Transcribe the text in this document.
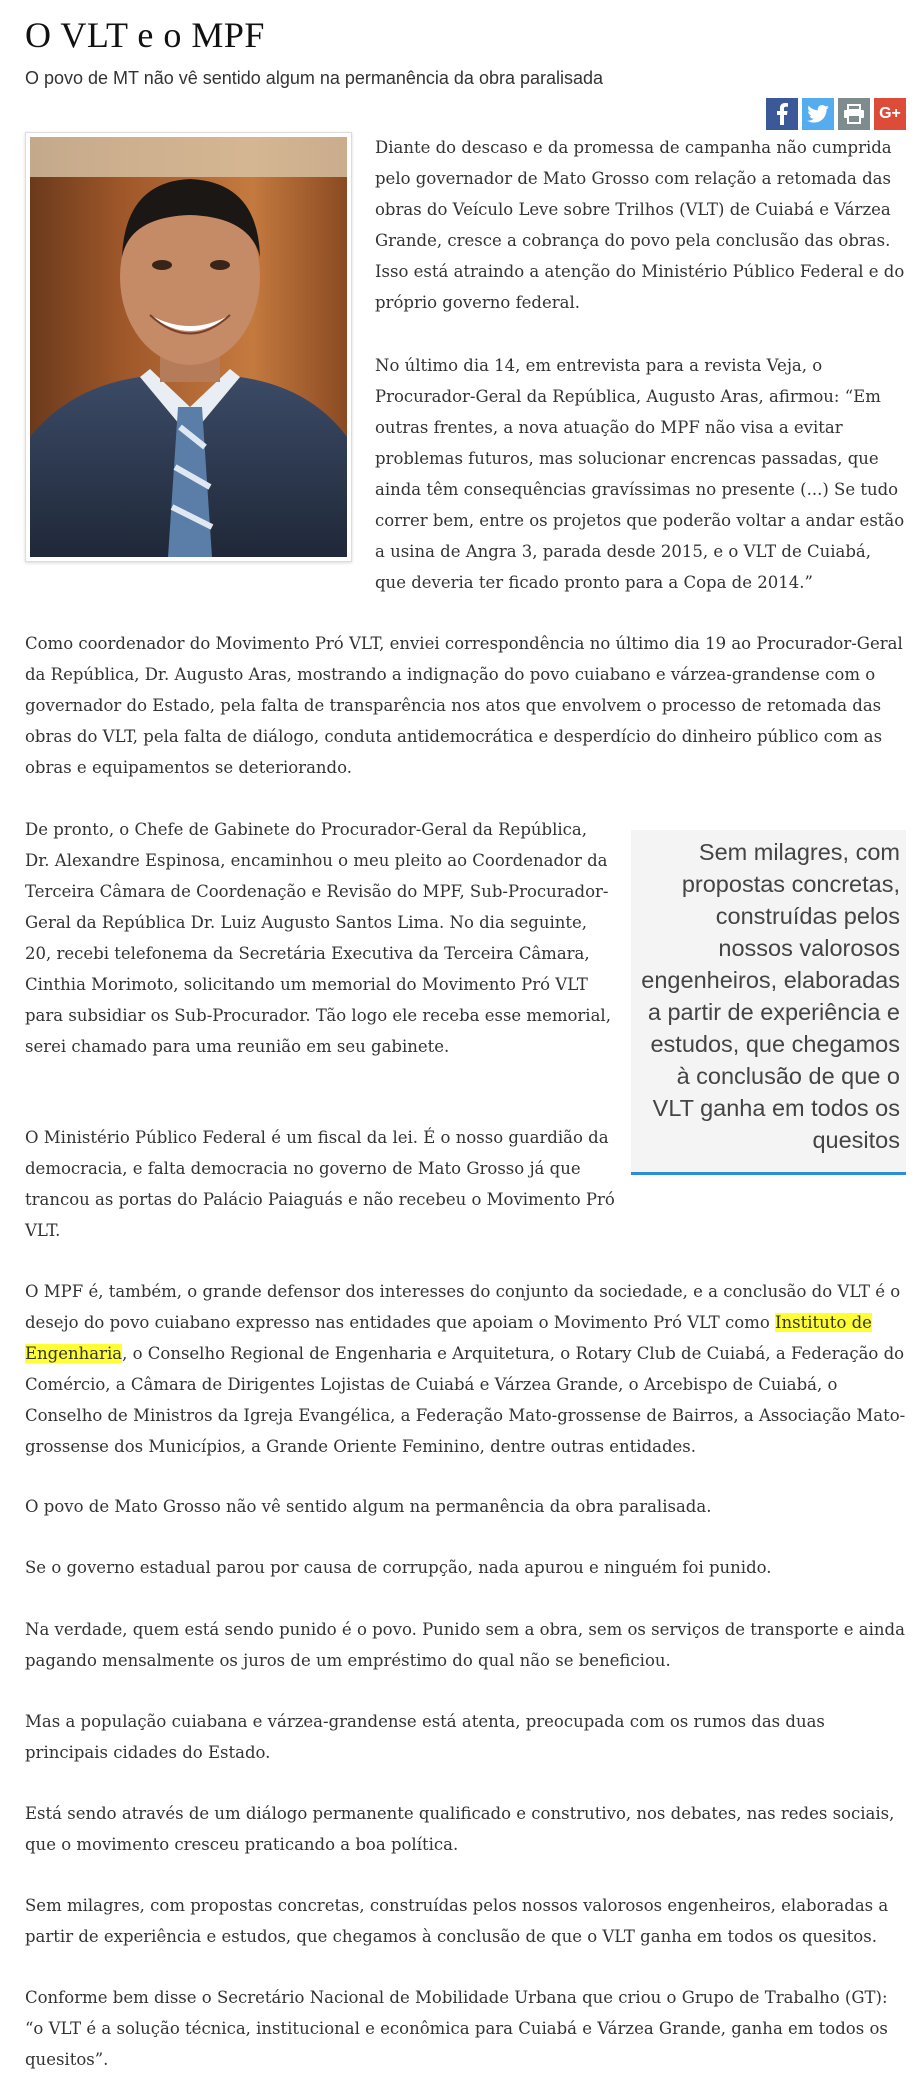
O VLT e o MPF
O povo de MT não vê sentido algum na permanência da obra paralisada
G+

Diante do descaso e da promessa de campanha não cumprida pelo governador de Mato Grosso com relação a retomada das obras do Veículo Leve sobre Trilhos (VLT) de Cuiabá e Várzea Grande, cresce a cobrança do povo pela conclusão das obras. Isso está atraindo a atenção do Ministério Público Federal e do próprio governo federal.

No último dia 14, em entrevista para a revista Veja, o Procurador-Geral da República, Augusto Aras, afirmou: “Em outras frentes, a nova atuação do MPF não visa a evitar problemas futuros, mas solucionar encrencas passadas, que ainda têm consequências gravíssimas no presente (...) Se tudo correr bem, entre os projetos que poderão voltar a andar estão a usina de Angra 3, parada desde 2015, e o VLT de Cuiabá, que deveria ter ficado pronto para a Copa de 2014.”

Como coordenador do Movimento Pró VLT, enviei correspondência no último dia 19 ao Procurador-Geral da República, Dr. Augusto Aras, mostrando a indignação do povo cuiabano e várzea-grandense com o governador do Estado, pela falta de transparência nos atos que envolvem o processo de retomada das obras do VLT, pela falta de diálogo, conduta antidemocrática e desperdício do dinheiro público com as obras e equipamentos se deteriorando.

De pronto, o Chefe de Gabinete do Procurador-Geral da República, Dr. Alexandre Espinosa, encaminhou o meu pleito ao Coordenador da Terceira Câmara de Coordenação e Revisão do MPF, Sub-Procurador-Geral da República Dr. Luiz Augusto Santos Lima. No dia seguinte, 20, recebi telefonema da Secretária Executiva da Terceira Câmara, Cinthia Morimoto, solicitando um memorial do Movimento Pró VLT para subsidiar os Sub-Procurador. Tão logo ele receba esse memorial, serei chamado para uma reunião em seu gabinete.

Sem milagres, com propostas concretas, construídas pelos nossos valorosos engenheiros, elaboradas a partir de experiência e estudos, que chegamos à conclusão de que o VLT ganha em todos os quesitos

O Ministério Público Federal é um fiscal da lei. É o nosso guardião da democracia, e falta democracia no governo de Mato Grosso já que trancou as portas do Palácio Paiaguás e não recebeu o Movimento Pró VLT.

O MPF é, também, o grande defensor dos interesses do conjunto da sociedade, e a conclusão do VLT é o desejo do povo cuiabano expresso nas entidades que apoiam o Movimento Pró VLT como Instituto de Engenharia, o Conselho Regional de Engenharia e Arquitetura, o Rotary Club de Cuiabá, a Federação do Comércio, a Câmara de Dirigentes Lojistas de Cuiabá e Várzea Grande, o Arcebispo de Cuiabá, o Conselho de Ministros da Igreja Evangélica, a Federação Mato-grossense de Bairros, a Associação Mato-grossense dos Municípios, a Grande Oriente Feminino, dentre outras entidades.

O povo de Mato Grosso não vê sentido algum na permanência da obra paralisada.

Se o governo estadual parou por causa de corrupção, nada apurou e ninguém foi punido.

Na verdade, quem está sendo punido é o povo. Punido sem a obra, sem os serviços de transporte e ainda pagando mensalmente os juros de um empréstimo do qual não se beneficiou.

Mas a população cuiabana e várzea-grandense está atenta, preocupada com os rumos das duas principais cidades do Estado.

Está sendo através de um diálogo permanente qualificado e construtivo, nos debates, nas redes sociais, que o movimento cresceu praticando a boa política.

Sem milagres, com propostas concretas, construídas pelos nossos valorosos engenheiros, elaboradas a partir de experiência e estudos, que chegamos à conclusão de que o VLT ganha em todos os quesitos.

Conforme bem disse o Secretário Nacional de Mobilidade Urbana que criou o Grupo de Trabalho (GT): “o VLT é a solução técnica, institucional e econômica para Cuiabá e Várzea Grande, ganha em todos os quesitos”.
